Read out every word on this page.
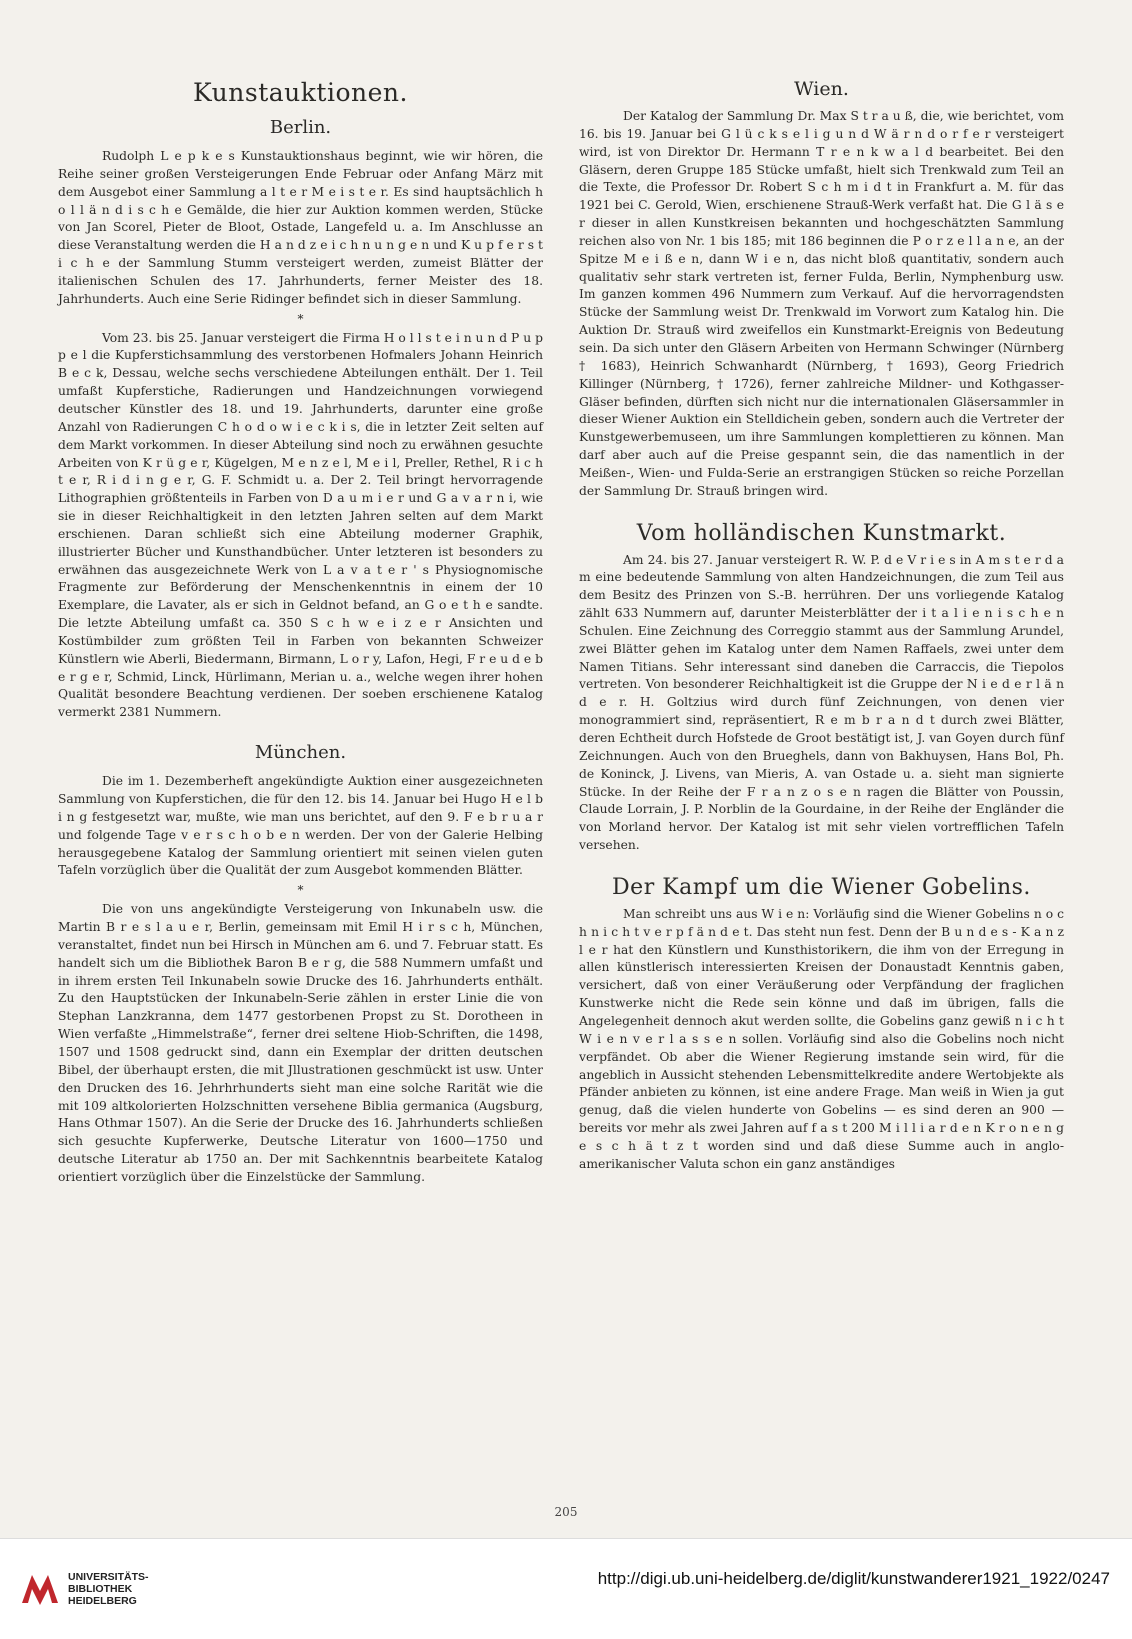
Kunstauktionen.
Berlin.

Rudolph L e p k e s Kunstauktionshaus beginnt, wie wir hören, die Reihe seiner großen Versteigerungen Ende Februar oder Anfang März mit dem Ausgebot einer Sammlung a l t e r M e i s t e r. Es sind hauptsächlich h o l l ä n d i s c h e Gemälde, die hier zur Auktion kommen werden, Stücke von Jan Scorel, Pieter de Bloot, Ostade, Langefeld u. a. Im Anschlusse an diese Veranstaltung werden die H a n d z e i c h n u n g e n und K u p f e r s t i c h e der Sammlung Stumm versteigert werden, zumeist Blätter der italienischen Schulen des 17. Jahrhunderts, ferner Meister des 18. Jahrhunderts. Auch eine Serie Ridinger befindet sich in dieser Sammlung.

*

Vom 23. bis 25. Januar versteigert die Firma H o l l s t e i n u n d P u p p e l die Kupferstichsammlung des verstorbenen Hofmalers Johann Heinrich B e c k, Dessau, welche sechs verschiedene Abteilungen enthält. Der 1. Teil umfaßt Kupferstiche, Radierungen und Handzeichnungen vorwiegend deutscher Künstler des 18. und 19. Jahrhunderts, darunter eine große Anzahl von Radierungen C h o d o w i e c k i s, die in letzter Zeit selten auf dem Markt vorkommen. In dieser Abteilung sind noch zu erwähnen gesuchte Arbeiten von K r ü g e r, Kügelgen, M e n z e l, M e i l, Preller, Rethel, R i c h t e r, R i d i n g e r, G. F. Schmidt u. a. Der 2. Teil bringt hervorragende Lithographien größtenteils in Farben von D a u m i e r und G a v a r n i, wie sie in dieser Reichhaltigkeit in den letzten Jahren selten auf dem Markt erschienen. Daran schließt sich eine Abteilung moderner Graphik, illustrierter Bücher und Kunsthandbücher. Unter letzteren ist besonders zu erwähnen das ausgezeichnete Werk von L a v a t e r ' s Physiognomische Fragmente zur Beförderung der Menschenkenntnis in einem der 10 Exemplare, die Lavater, als er sich in Geldnot befand, an G o e t h e sandte. Die letzte Abteilung umfaßt ca. 350 S c h w e i z e r Ansichten und Kostümbilder zum größten Teil in Farben von bekannten Schweizer Künstlern wie Aberli, Biedermann, Birmann, L o r y, Lafon, Hegi, F r e u d e b e r g e r, Schmid, Linck, Hürlimann, Merian u. a., welche wegen ihrer hohen Qualität besondere Beachtung verdienen. Der soeben erschienene Katalog vermerkt 2381 Nummern.

München.

Die im 1. Dezemberheft angekündigte Auktion einer ausgezeichneten Sammlung von Kupferstichen, die für den 12. bis 14. Januar bei Hugo H e l b i n g festgesetzt war, mußte, wie man uns berichtet, auf den 9. F e b r u a r und folgende Tage v e r s c h o b e n werden. Der von der Galerie Helbing herausgegebene Katalog der Sammlung orientiert mit seinen vielen guten Tafeln vorzüglich über die Qualität der zum Ausgebot kommenden Blätter.

*

Die von uns angekündigte Versteigerung von Inkunabeln usw. die Martin B r e s l a u e r, Berlin, gemeinsam mit Emil H i r s c h, München, veranstaltet, findet nun bei Hirsch in München am 6. und 7. Februar statt. Es handelt sich um die Bibliothek Baron B e r g, die 588 Nummern umfaßt und in ihrem ersten Teil Inkunabeln sowie Drucke des 16. Jahrhunderts enthält. Zu den Hauptstücken der Inkunabeln-Serie zählen in erster Linie die von Stephan Lanzkranna, dem 1477 gestorbenen Propst zu St. Dorotheen in Wien verfaßte „Himmelstraße“, ferner drei seltene Hiob-Schriften, die 1498, 1507 und 1508 gedruckt sind, dann ein Exemplar der dritten deutschen Bibel, der überhaupt ersten, die mit Jllustrationen geschmückt ist usw. Unter den Drucken des 16. Jehrhrhunderts sieht man eine solche Rarität wie die mit 109 altkolorierten Holzschnitten versehene Biblia germanica (Augsburg, Hans Othmar 1507). An die Serie der Drucke des 16. Jahrhunderts schließen sich gesuchte Kupferwerke, Deutsche Literatur von 1600—1750 und deutsche Literatur ab 1750 an. Der mit Sachkenntnis bearbeitete Katalog orientiert vorzüglich über die Einzelstücke der Sammlung.

Wien.

Der Katalog der Sammlung Dr. Max S t r a u ß, die, wie berichtet, vom 16. bis 19. Januar bei G l ü c k s e l i g u n d W ä r n d o r f e r versteigert wird, ist von Direktor Dr. Hermann T r e n k w a l d bearbeitet. Bei den Gläsern, deren Gruppe 185 Stücke umfaßt, hielt sich Trenkwald zum Teil an die Texte, die Professor Dr. Robert S c h m i d t in Frankfurt a. M. für das 1921 bei C. Gerold, Wien, erschienene Strauß-Werk verfaßt hat. Die G l ä s e r dieser in allen Kunstkreisen bekannten und hochgeschätzten Sammlung reichen also von Nr. 1 bis 185; mit 186 beginnen die P o r z e l l a n e, an der Spitze M e i ß e n, dann W i e n, das nicht bloß quantitativ, sondern auch qualitativ sehr stark vertreten ist, ferner Fulda, Berlin, Nymphenburg usw. Im ganzen kommen 496 Nummern zum Verkauf. Auf die hervorragendsten Stücke der Sammlung weist Dr. Trenkwald im Vorwort zum Katalog hin. Die Auktion Dr. Strauß wird zweifellos ein Kunstmarkt-Ereignis von Bedeutung sein. Da sich unter den Gläsern Arbeiten von Hermann Schwinger (Nürnberg † 1683), Heinrich Schwanhardt (Nürnberg, † 1693), Georg Friedrich Killinger (Nürnberg, † 1726), ferner zahlreiche Mildner- und Kothgasser-Gläser befinden, dürften sich nicht nur die internationalen Gläsersammler in dieser Wiener Auktion ein Stelldichein geben, sondern auch die Vertreter der Kunstgewerbemuseen, um ihre Sammlungen komplettieren zu können. Man darf aber auch auf die Preise gespannt sein, die das namentlich in der Meißen-, Wien- und Fulda-Serie an erstrangigen Stücken so reiche Porzellan der Sammlung Dr. Strauß bringen wird.

Vom holländischen Kunstmarkt.

Am 24. bis 27. Januar versteigert R. W. P. d e V r i e s in A m s t e r d a m eine bedeutende Sammlung von alten Handzeichnungen, die zum Teil aus dem Besitz des Prinzen von S.-B. herrühren. Der uns vorliegende Katalog zählt 633 Nummern auf, darunter Meisterblätter der i t a l i e n i s c h e n Schulen. Eine Zeichnung des Correggio stammt aus der Sammlung Arundel, zwei Blätter gehen im Katalog unter dem Namen Raffaels, zwei unter dem Namen Titians. Sehr interessant sind daneben die Carraccis, die Tiepolos vertreten. Von besonderer Reichhaltigkeit ist die Gruppe der N i e d e r l ä n d e r. H. Goltzius wird durch fünf Zeichnungen, von denen vier monogrammiert sind, repräsentiert, R e m b r a n d t durch zwei Blätter, deren Echtheit durch Hofstede de Groot bestätigt ist, J. van Goyen durch fünf Zeichnungen. Auch von den Brueghels, dann von Bakhuysen, Hans Bol, Ph. de Koninck, J. Livens, van Mieris, A. van Ostade u. a. sieht man signierte Stücke. In der Reihe der F r a n z o s e n ragen die Blätter von Poussin, Claude Lorrain, J. P. Norblin de la Gourdaine, in der Reihe der Engländer die von Morland hervor. Der Katalog ist mit sehr vielen vortrefflichen Tafeln versehen.

Der Kampf um die Wiener Gobelins.

Man schreibt uns aus W i e n: Vorläufig sind die Wiener Gobelins n o c h n i c h t v e r p f ä n d e t. Das steht nun fest. Denn der B u n d e s - K a n z l e r hat den Künstlern und Kunsthistorikern, die ihm von der Erregung in allen künstlerisch interessierten Kreisen der Donaustadt Kenntnis gaben, versichert, daß von einer Veräußerung oder Verpfändung der fraglichen Kunstwerke nicht die Rede sein könne und daß im übrigen, falls die Angelegenheit dennoch akut werden sollte, die Gobelins ganz gewiß n i c h t W i e n v e r l a s s e n sollen. Vorläufig sind also die Gobelins noch nicht verpfändet. Ob aber die Wiener Regierung imstande sein wird, für die angeblich in Aussicht stehenden Lebensmittelkredite andere Wertobjekte als Pfänder anbieten zu können, ist eine andere Frage. Man weiß in Wien ja gut genug, daß die vielen hunderte von Gobelins — es sind deren an 900 — bereits vor mehr als zwei Jahren auf f a s t 200 M i l l i a r d e n K r o n e n g e s c h ä t z t worden sind und daß diese Summe auch in anglo-amerikanischer Valuta schon ein ganz anständiges

205
UNIVERSITÄTS-
BIBLIOTHEK
HEIDELBERG
http://digi.ub.uni-heidelberg.de/diglit/kunstwanderer1921_1922/0247
